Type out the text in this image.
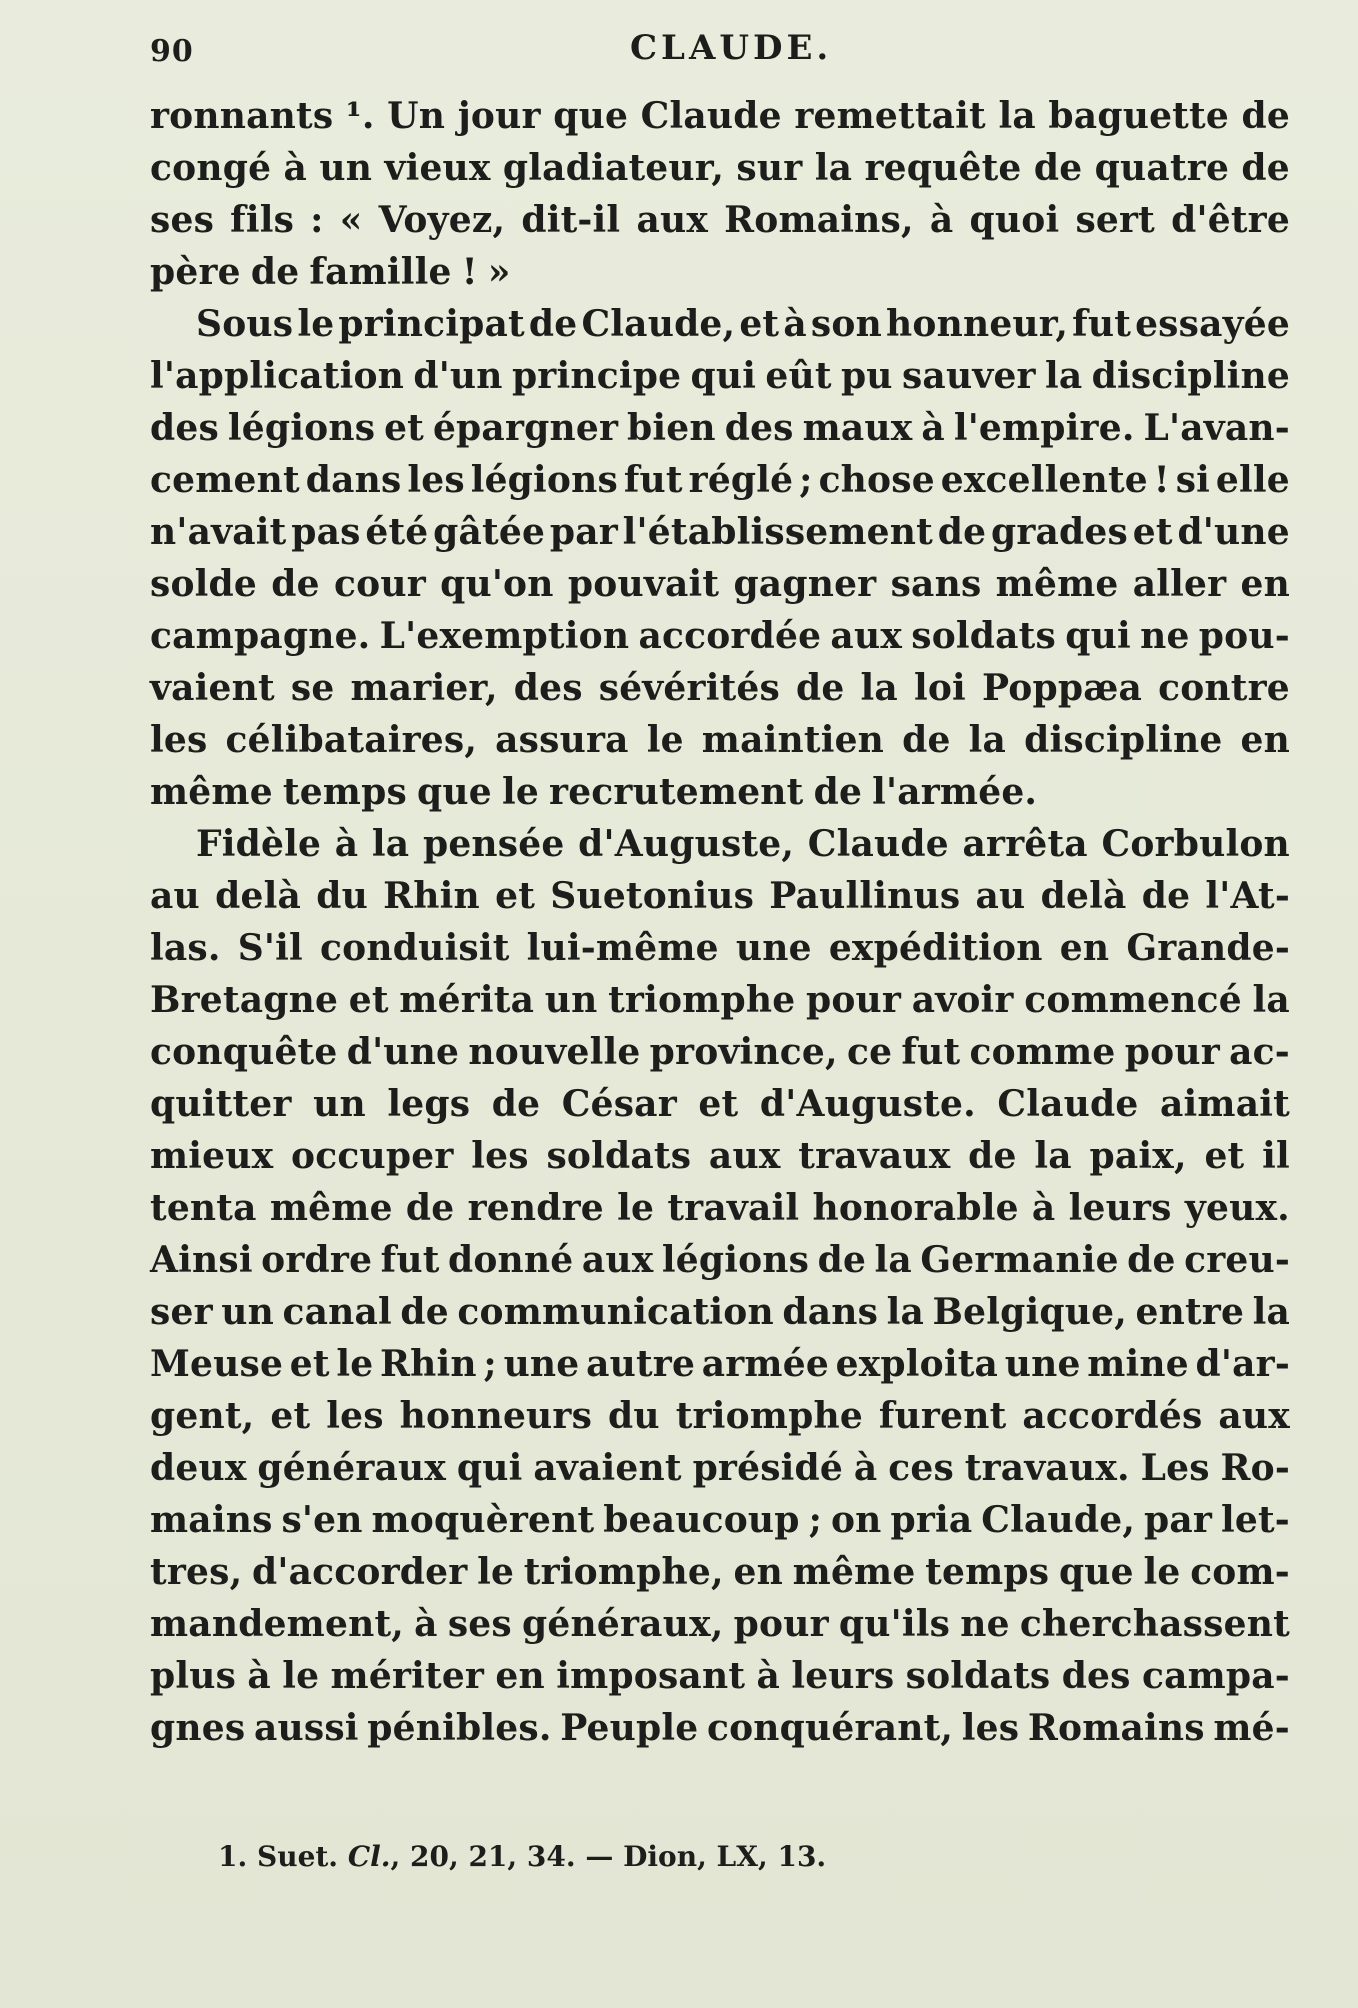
90	CLAUDE.
ronnants ¹. Un jour que Claude remettait la baguette de
congé à un vieux gladiateur, sur la requête de quatre de
ses fils : « Voyez, dit-il aux Romains, à quoi sert d'être
père de famille ! »
Sous le principat de Claude, et à son honneur, fut essayée
l'application d'un principe qui eût pu sauver la discipline
des légions et épargner bien des maux à l'empire. L'avan-
cement dans les légions fut réglé ; chose excellente ! si elle
n'avait pas été gâtée par l'établissement de grades et d'une
solde de cour qu'on pouvait gagner sans même aller en
campagne. L'exemption accordée aux soldats qui ne pou-
vaient se marier, des sévérités de la loi Poppæa contre
les célibataires, assura le maintien de la discipline en
même temps que le recrutement de l'armée.
Fidèle à la pensée d'Auguste, Claude arrêta Corbulon
au delà du Rhin et Suetonius Paullinus au delà de l'At-
las. S'il conduisit lui-même une expédition en Grande-
Bretagne et mérita un triomphe pour avoir commencé la
conquête d'une nouvelle province, ce fut comme pour ac-
quitter un legs de César et d'Auguste. Claude aimait
mieux occuper les soldats aux travaux de la paix, et il
tenta même de rendre le travail honorable à leurs yeux.
Ainsi ordre fut donné aux légions de la Germanie de creu-
ser un canal de communication dans la Belgique, entre la
Meuse et le Rhin ; une autre armée exploita une mine d'ar-
gent, et les honneurs du triomphe furent accordés aux
deux généraux qui avaient présidé à ces travaux. Les Ro-
mains s'en moquèrent beaucoup ; on pria Claude, par let-
tres, d'accorder le triomphe, en même temps que le com-
mandement, à ses généraux, pour qu'ils ne cherchassent
plus à le mériter en imposant à leurs soldats des campa-
gnes aussi pénibles. Peuple conquérant, les Romains mé-
1. Suet. Cl., 20, 21, 34. — Dion, LX, 13.
